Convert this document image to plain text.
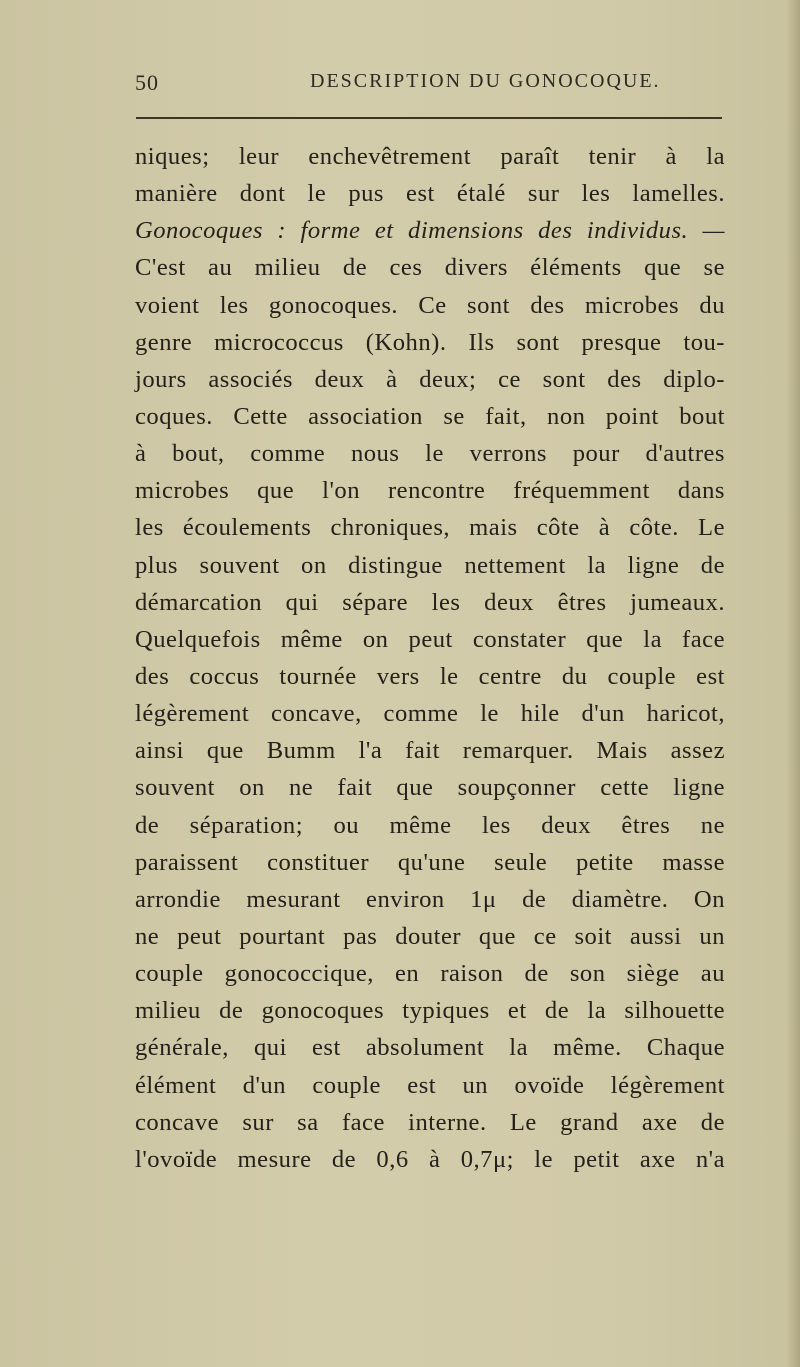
50	DESCRIPTION DU GONOCOQUE.
niques; leur enchevêtrement paraît tenir à la
manière dont le pus est étalé sur les lamelles.
Gonocoques : forme et dimensions des individus. —
C'est au milieu de ces divers éléments que se
voient les gonocoques. Ce sont des microbes du
genre micrococcus (Kohn). Ils sont presque tou-
jours associés deux à deux; ce sont des diplo-
coques. Cette association se fait, non point bout
à bout, comme nous le verrons pour d'autres
microbes que l'on rencontre fréquemment dans
les écoulements chroniques, mais côte à côte. Le
plus souvent on distingue nettement la ligne de
démarcation qui sépare les deux êtres jumeaux.
Quelquefois même on peut constater que la face
des coccus tournée vers le centre du couple est
légèrement concave, comme le hile d'un haricot,
ainsi que Bumm l'a fait remarquer. Mais assez
souvent on ne fait que soupçonner cette ligne
de séparation; ou même les deux êtres ne
paraissent constituer qu'une seule petite masse
arrondie mesurant environ 1μ de diamètre. On
ne peut pourtant pas douter que ce soit aussi un
couple gonococcique, en raison de son siège au
milieu de gonocoques typiques et de la silhouette
générale, qui est absolument la même. Chaque
élément d'un couple est un ovoïde légèrement
concave sur sa face interne. Le grand axe de
l'ovoïde mesure de 0,6 à 0,7μ; le petit axe n'a
